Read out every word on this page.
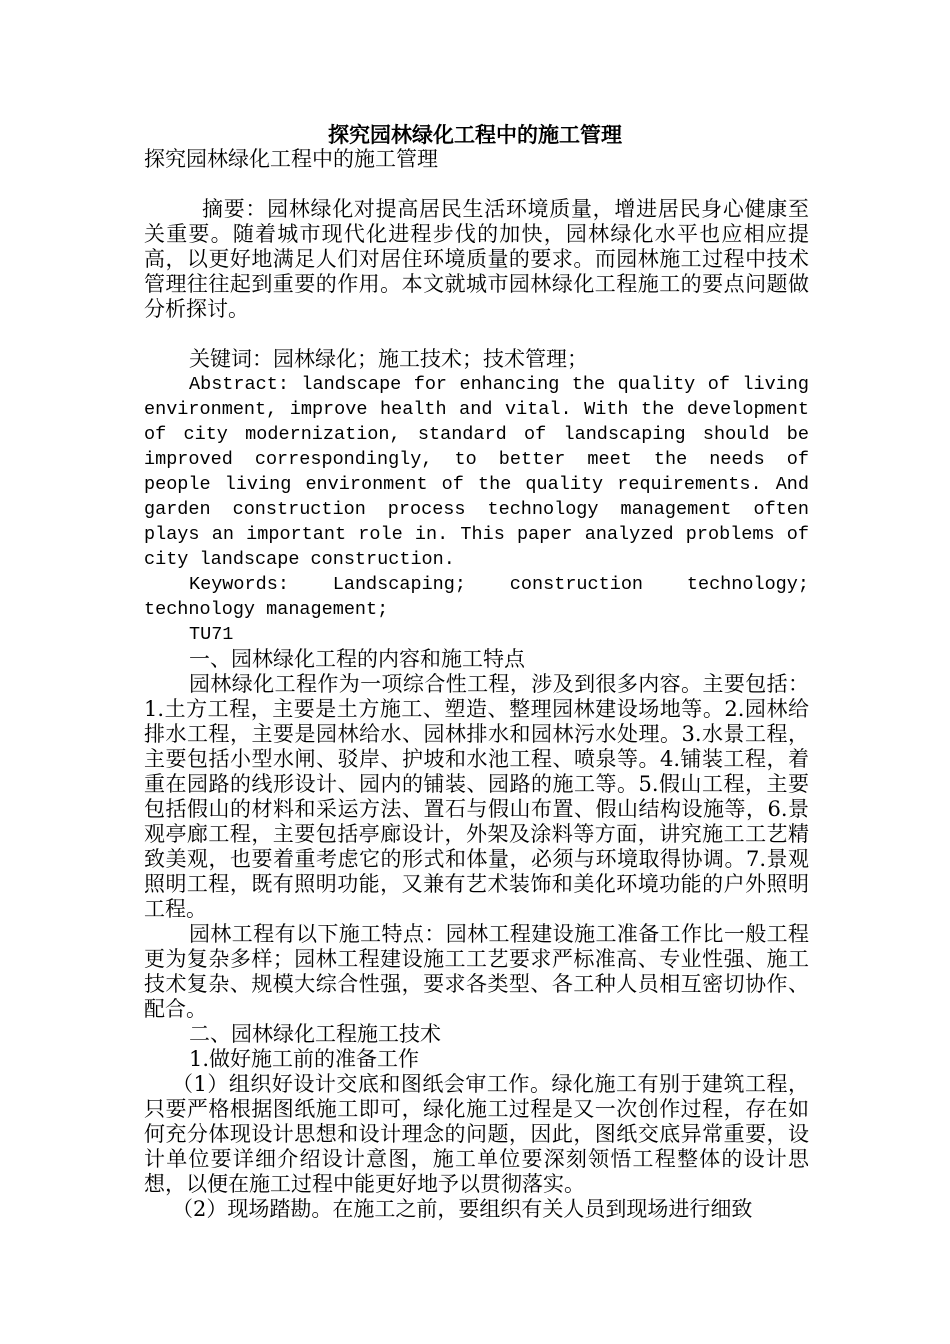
探究园林绿化工程中的施工管理

探究园林绿化工程中的施工管理

摘要：园林绿化对提高居民生活环境质量，增进居民身心健康至关重要。随着城市现代化进程步伐的加快，园林绿化水平也应相应提高，以更好地满足人们对居住环境质量的要求。而园林施工过程中技术管理往往起到重要的作用。本文就城市园林绿化工程施工的要点问题做分析探讨。

关键词：园林绿化；施工技术；技术管理；

Abstract: landscape for enhancing the quality of living environment, improve health and vital. With the development of city modernization, standard of landscaping should be improved correspondingly, to better meet the needs of people living environment of the quality requirements. And garden construction process technology management often plays an important role in. This paper analyzed problems of city landscape construction.

Keywords: Landscaping; construction technology; technology management;

TU71

一、园林绿化工程的内容和施工特点

园林绿化工程作为一项综合性工程，涉及到很多内容。主要包括：1.土方工程，主要是土方施工、塑造、整理园林建设场地等。2.园林给排水工程，主要是园林给水、园林排水和园林污水处理。3.水景工程，主要包括小型水闸、驳岸、护坡和水池工程、喷泉等。4.铺装工程，着重在园路的线形设计、园内的铺装、园路的施工等。5.假山工程，主要包括假山的材料和采运方法、置石与假山布置、假山结构设施等，6.景观亭廊工程，主要包括亭廊设计，外架及涂料等方面，讲究施工工艺精致美观，也要着重考虑它的形式和体量，必须与环境取得协调。7.景观照明工程，既有照明功能，又兼有艺术装饰和美化环境功能的户外照明工程。

园林工程有以下施工特点：园林工程建设施工准备工作比一般工程更为复杂多样；园林工程建设施工工艺要求严标准高、专业性强、施工技术复杂、规模大综合性强，要求各类型、各工种人员相互密切协作、配合。

二、园林绿化工程施工技术

1.做好施工前的准备工作

（1）组织好设计交底和图纸会审工作。绿化施工有别于建筑工程，只要严格根据图纸施工即可，绿化施工过程是又一次创作过程，存在如何充分体现设计思想和设计理念的问题，因此，图纸交底异常重要，设计单位要详细介绍设计意图，施工单位要深刻领悟工程整体的设计思想，以便在施工过程中能更好地予以贯彻落实。

（2）现场踏勘。在施工之前，要组织有关人员到现场进行细致
